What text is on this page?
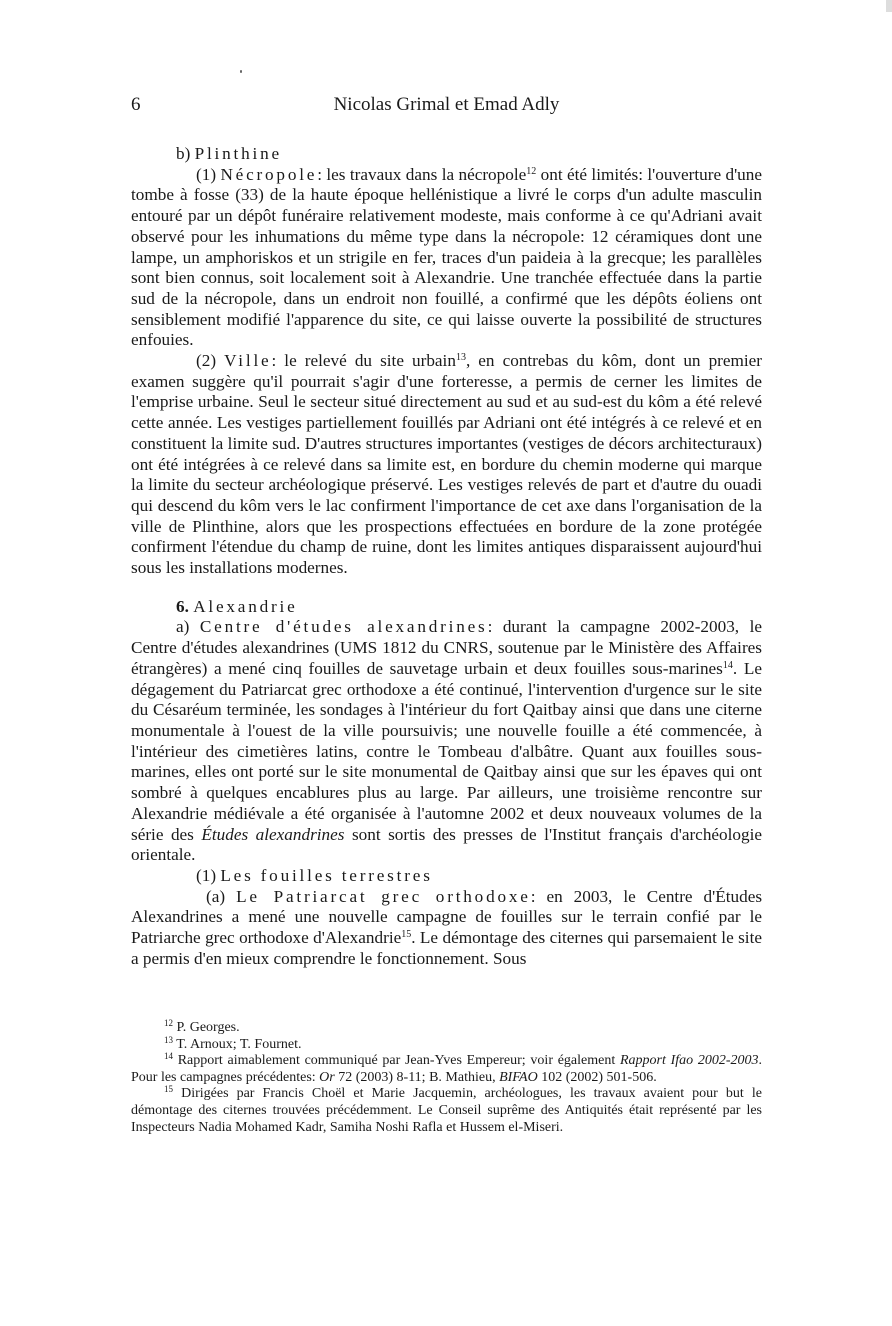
6	Nicolas Grimal et Emad Adly

b) Plinthine

(1) Nécropole: les travaux dans la nécropole$^{12}$ ont été limités: l'ouverture d'une tombe à fosse (33) de la haute époque hellénistique a livré le corps d'un adulte masculin entouré par un dépôt funéraire relativement modeste, mais conforme à ce qu'Adriani avait observé pour les inhumations du même type dans la nécropole: 12 céramiques dont une lampe, un amphoriskos et un strigile en fer, traces d'un paideia à la grecque; les parallèles sont bien connus, soit localement soit à Alexandrie. Une tranchée effectuée dans la partie sud de la nécropole, dans un endroit non fouillé, a confirmé que les dépôts éoliens ont sensiblement modifié l'apparence du site, ce qui laisse ouverte la possibilité de structures enfouies.

(2) Ville: le relevé du site urbain$^{13}$, en contrebas du kôm, dont un premier examen suggère qu'il pourrait s'agir d'une forteresse, a permis de cerner les limites de l'emprise urbaine. Seul le secteur situé directement au sud et au sud-est du kôm a été relevé cette année. Les vestiges partiellement fouillés par Adriani ont été intégrés à ce relevé et en constituent la limite sud. D'autres structures importantes (vestiges de décors architecturaux) ont été intégrées à ce relevé dans sa limite est, en bordure du chemin moderne qui marque la limite du secteur archéologique préservé. Les vestiges relevés de part et d'autre du ouadi qui descend du kôm vers le lac confirment l'importance de cet axe dans l'organisation de la ville de Plinthine, alors que les prospections effectuées en bordure de la zone protégée confirment l'étendue du champ de ruine, dont les limites antiques disparaissent aujourd'hui sous les installations modernes.

6. Alexandrie

a) Centre d'études alexandrines: durant la campagne 2002-2003, le Centre d'études alexandrines (UMS 1812 du CNRS, soutenue par le Ministère des Affaires étrangères) a mené cinq fouilles de sauvetage urbain et deux fouilles sous-marines$^{14}$. Le dégagement du Patriarcat grec orthodoxe a été continué, l'intervention d'urgence sur le site du Césaréum terminée, les sondages à l'intérieur du fort Qaitbay ainsi que dans une citerne monumentale à l'ouest de la ville poursuivis; une nouvelle fouille a été commencée, à l'intérieur des cimetières latins, contre le Tombeau d'albâtre. Quant aux fouilles sous-marines, elles ont porté sur le site monumental de Qaitbay ainsi que sur les épaves qui ont sombré à quelques encablures plus au large. Par ailleurs, une troisième rencontre sur Alexandrie médiévale a été organisée à l'automne 2002 et deux nouveaux volumes de la série des Études alexandrines sont sortis des presses de l'Institut français d'archéologie orientale.

(1) Les fouilles terrestres

(a) Le Patriarcat grec orthodoxe: en 2003, le Centre d'Études Alexandrines a mené une nouvelle campagne de fouilles sur le terrain confié par le Patriarche grec orthodoxe d'Alexandrie$^{15}$. Le démontage des citernes qui parsemaient le site a permis d'en mieux comprendre le fonctionnement. Sous

$^{12}$ P. Georges.

$^{13}$ T. Arnoux; T. Fournet.

$^{14}$ Rapport aimablement communiqué par Jean-Yves Empereur; voir également Rapport Ifao 2002-2003. Pour les campagnes précédentes: Or 72 (2003) 8-11; B. Mathieu, BIFAO 102 (2002) 501-506.

$^{15}$ Dirigées par Francis Choël et Marie Jacquemin, archéologues, les travaux avaient pour but le démontage des citernes trouvées précédemment. Le Conseil suprême des Antiquités était représenté par les Inspecteurs Nadia Mohamed Kadr, Samiha Noshi Rafla et Hussem el-Miseri.
